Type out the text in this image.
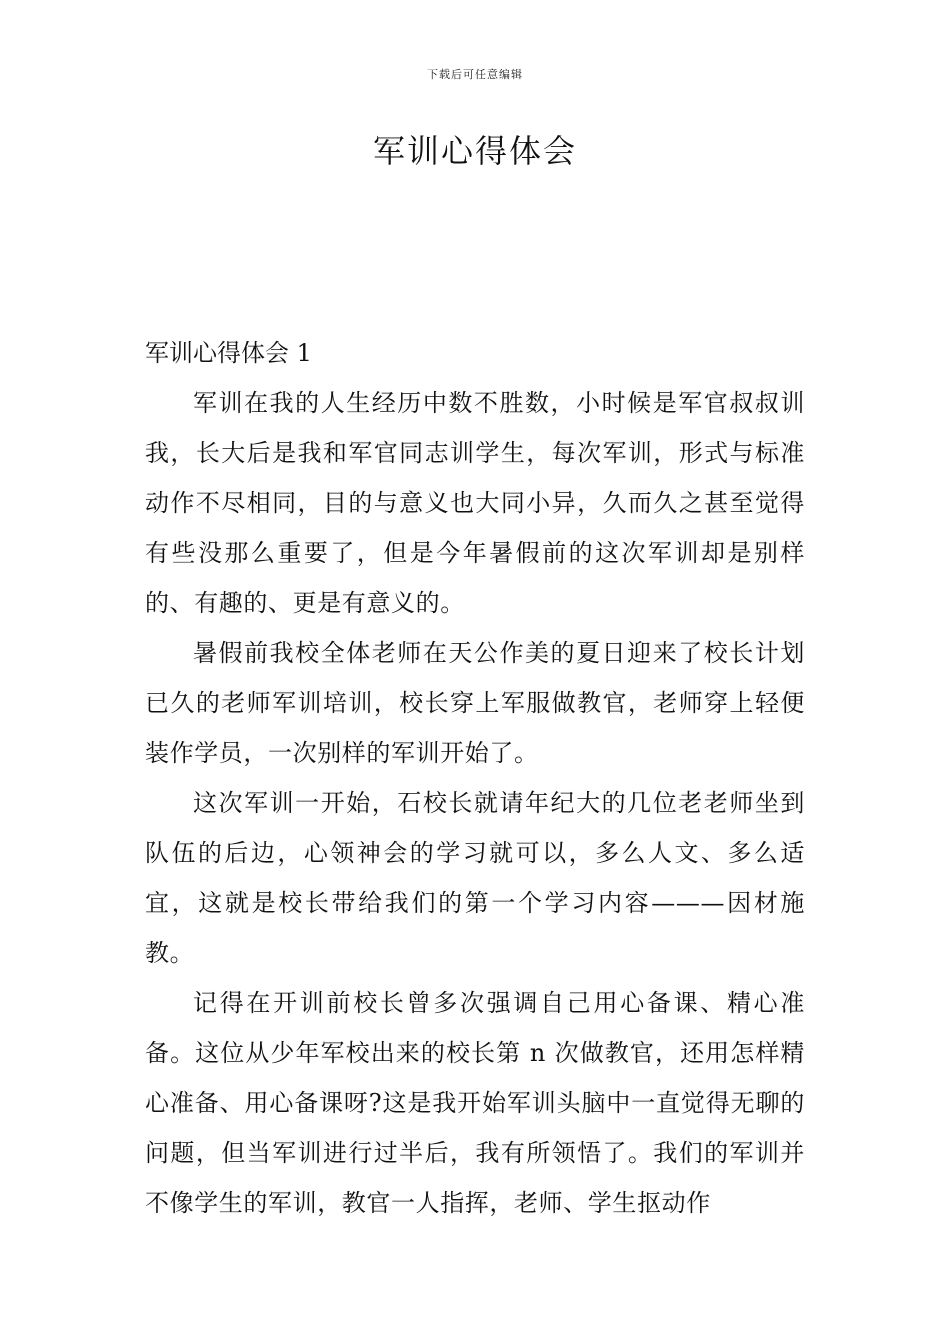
下载后可任意编辑
军训心得体会

军训心得体会 1

军训在我的人生经历中数不胜数，小时候是军官叔叔训我，长大后是我和军官同志训学生，每次军训，形式与标准动作不尽相同，目的与意义也大同小异，久而久之甚至觉得有些没那么重要了，但是今年暑假前的这次军训却是别样的、有趣的、更是有意义的。

暑假前我校全体老师在天公作美的夏日迎来了校长计划已久的老师军训培训，校长穿上军服做教官，老师穿上轻便装作学员，一次别样的军训开始了。

这次军训一开始，石校长就请年纪大的几位老老师坐到队伍的后边，心领神会的学习就可以，多么人文、多么适宜，这就是校长带给我们的第一个学习内容———因材施教。

记得在开训前校长曾多次强调自己用心备课、精心准备。这位从少年军校出来的校长第 n 次做教官，还用怎样精心准备、用心备课呀?这是我开始军训头脑中一直觉得无聊的问题，但当军训进行过半后，我有所领悟了。我们的军训并不像学生的军训，教官一人指挥，老师、学生抠动作
